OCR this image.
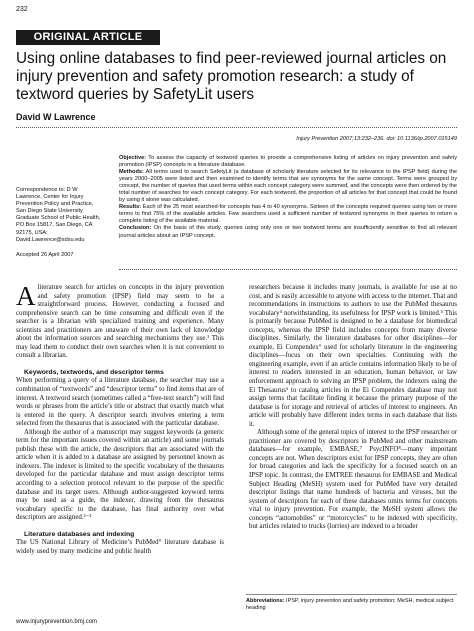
232
ORIGINAL ARTICLE
Using online databases to find peer-reviewed journal articles on injury prevention and safety promotion research: a study of textword queries by SafetyLit users
David W Lawrence
Injury Prevention 2007;13:232–236. doi: 10.1136/ip.2007.015149
Correspondence to: D W Lawrence, Center for Injury Prevention Policy and Practice, San Diego State University Graduate School of Public Health, PO Box 15817, San Diego, CA 92175, USA; David.Lawrence@sdsu.edu
Accepted 26 April 2007

Objective: To assess the capacity of textword queries to provide a comprehensive listing of articles on injury prevention and safety promotion (IPSP) concepts in a literature database.

Methods: All terms used to search SafetyLit (a database of scholarly literature selected for its relevance to the IPSP field) during the years 2000–2005 were listed and then examined to identify terms that are synonyms for the same concept. Terms were grouped by concept, the number of queries that used terms within each concept category were summed, and the concepts were then ordered by the total number of searches for each concept category. For each textword, the proportion of all articles for that concept that could be found by using it alone was calculated.

Results: Each of the 25 most searched-for concepts has 4 to 40 synonyms. Sixteen of the concepts required queries using two or more terms to find 75% of the available articles. Few searchers used a sufficient number of textword synonyms in their queries to return a complete listing of the available material.

Conclusion: On the basis of this study, queries using only one or two textword terms are insufficiently sensitive to find all relevant journal articles about an IPSP concept.

Aliterature search for articles on concepts in the injury prevention and safety promotion (IPSP) field may seem to be a straightforward process. However, conducting a focused and comprehensive search can be time consuming and difficult even if the searcher is a librarian with specialized training and experience. Many scientists and practitioners are unaware of their own lack of knowledge about the information sources and searching mechanisms they use.¹ This may lead them to conduct their own searches when it is not convenient to consult a librarian.

Keywords, textwords, and descriptor terms

When performing a query of a literature database, the searcher may use a combination of “textwords” and “descriptor terms” to find items that are of interest. A textword search (sometimes called a “free-text search”) will find words or phrases from the article’s title or abstract that exactly match what is entered in the query. A descriptor search involves entering a term selected from the thesaurus that is associated with the particular database.

Although the author of a manuscript may suggest keywords (a generic term for the important issues covered within an article) and some journals publish these with the article, the descriptors that are associated with the article when it is added to a database are assigned by personnel known as indexers. The indexer is limited to the specific vocabulary of the thesaurus developed for the particular database and must assign descriptor terms according to a selection protocol relevant to the purpose of the specific database and its target users. Although author-suggested keyword terms may be used as a guide, the indexer, drawing from the thesaurus vocabulary specific to the database, has final authority over what descriptors are assigned.²⁻³

Literature databases and indexing

The US National Library of Medicine’s PubMed° literature database is widely used by many medicine and public health

researchers because it includes many journals, is available for use at no cost, and is easily accessible to anyone with access to the internet. That and recommendations in instructions to authors to use the PubMed thesaurus vocabulary⁴ notwithstanding, its usefulness for IPSP work is limited.⁵ This is primarily because PubMed is designed to be a database for biomedical concepts, whereas the IPSP field includes concepts from many diverse disciplines. Similarly, the literature databases for other disciplines—for example, Ei Compendex° used for scholarly literature in the engineering disciplines—focus on their own specialties. Continuing with the engineering example, even if an article contains information likely to be of interest to readers interested in an education, human behavior, or law enforcement approach to solving an IPSP problem, the indexers using the Ei Thesaurus⁶ to catalog articles in the Ei Compendex database may not assign terms that facilitate finding it because the primary purpose of the database is for storage and retrieval of articles of interest to engineers. An article will probably have different index terms in each database that lists it.

Although some of the general topics of interest to the IPSP researcher or practitioner are covered by descriptors in PubMed and other mainstream databases—for example, EMBASE,⁷ PsycINFO⁸—many important concepts are not. When descriptors exist for IPSP concepts, they are often for broad categories and lack the specificity for a focused search on an IPSP topic. In contrast, the EMTREE thesaurus for EMBASE and Medical Subject Heading (MeSH) system used for PubMed have very detailed descriptor listings that name hundreds of bacteria and viruses, but the system of descriptors for each of these databases omits terms for concepts vital to injury prevention. For example, the MeSH system allows the concepts “automobiles” or “motorcycles” to be indexed with specificity, but articles related to trucks (lorries) are indexed to a broader

Abbreviations: IPSP, injury prevention and safety promotion; MeSH, medical subject heading
www.injuryprevention.bmj.com
